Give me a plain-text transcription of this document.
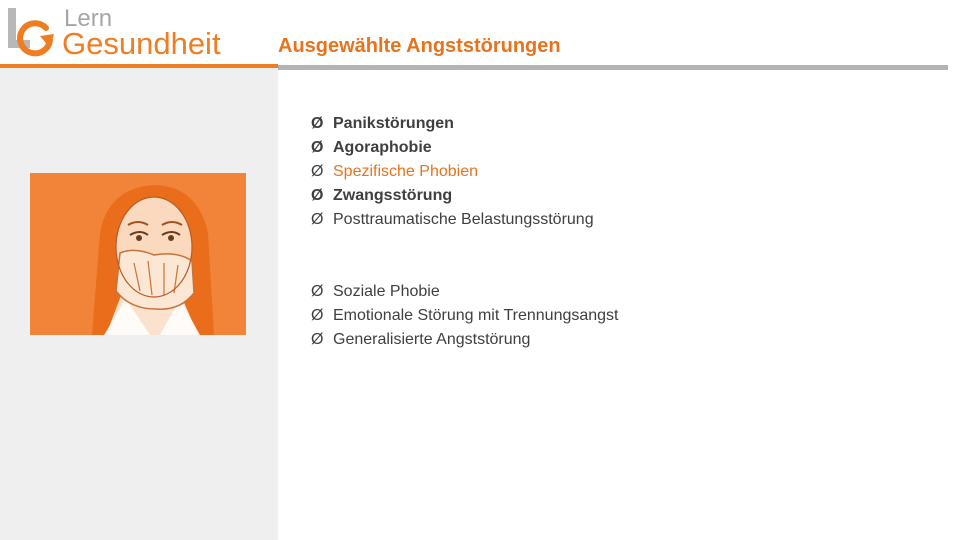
Lern
Gesundheit	Ausgewählte Angststörungen
Ø Panikstörungen
Ø Agoraphobie
Ø Spezifische Phobien
Ø Zwangsstörung
Ø Posttraumatische Belastungsstörung
Ø Soziale Phobie
Ø Emotionale Störung mit Trennungsangst
Ø Generalisierte Angststörung
